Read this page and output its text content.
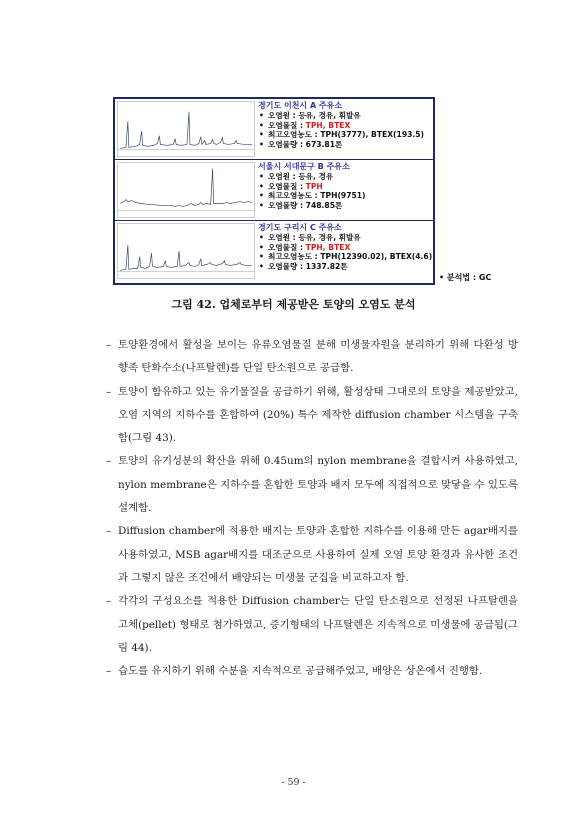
경기도 이천시 A 주유소
• 오염원 : 등유, 경유, 휘발유
• 오염물질 : TPH, BTEX
• 최고오염농도 : TPH(3777), BTEX(193.5)
• 오염물량 : 673.81톤
서울시 서대문구 B 주유소
• 오염원 : 등유, 경유
• 오염물질 : TPH
• 최고오염농도 : TPH(9751)
• 오염물량 : 748.85톤
경기도 구리시 C 주유소
• 오염원 : 등유, 경유, 휘발유
• 오염물질 : TPH, BTEX
• 최고오염농도 : TPH(12390.02), BTEX(4.6)
• 오염물량 : 1337.82톤
• 분석법 : GC
그림 42. 업체로부터 제공받은 토양의 오염도 분석
– 토양환경에서 활성을 보이는 유류오염물질 분해 미생물자원을 분리하기 위해 다환성 방향족 탄화수소(나프탈렌)를 단일 탄소원으로 공급함.
– 토양이 함유하고 있는 유기물질을 공급하기 위해, 활성상태 그대로의 토양을 제공받았고, 오염 지역의 지하수를 혼합하여 (20%) 특수 제작한 diffusion chamber 시스템을 구축함(그림 43).
– 토양의 유기성분의 확산을 위해 0.45um의 nylon membrane을 결합시켜 사용하였고, nylon membrane은 지하수를 혼합한 토양과 배지 모두에 직접적으로 맞닿을 수 있도록 설계함.
– Diffusion chamber에 적용한 배지는 토양과 혼합한 지하수를 이용해 만든 agar배지를 사용하였고, MSB agar배지를 대조군으로 사용하여 실제 오염 토양 환경과 유사한 조건과 그렇지 않은 조건에서 배양되는 미생물 군집을 비교하고자 함.
– 각각의 구성요소를 적용한 Diffusion chamber는 단일 탄소원으로 선정된 나프탈렌을 고체(pellet) 형태로 첨가하였고, 증기형태의 나프탈렌은 지속적으로 미생물에 공급됨(그림 44).
– 습도를 유지하기 위해 수분을 지속적으로 공급해주었고, 배양은 상온에서 진행함.
- 59 -
